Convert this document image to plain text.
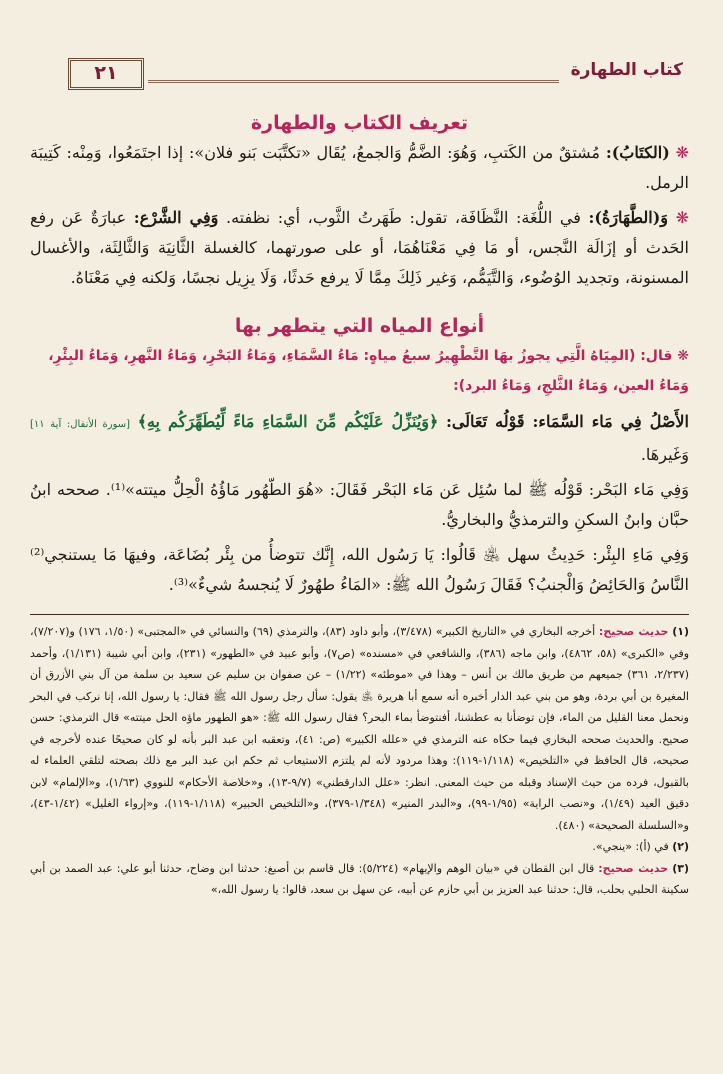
كتاب الطهارة
٢١
تعريف الكتاب والطهارة

❋ (الكتَابُ): مُشتقٌ من الكَتبِ، وَهُوَ: الضَّمُّ وَالجمعُ، يُقَال «تكتَّبَت بَنو فلان»: إذا اجتَمَعُوا، وَمِنْه: كَتِيبَة الرمل.

❋ وَ(الطَّهَارَةُ): في اللُّغَة: النَّظَافَة، تقول: طَهَرتُ الثَّوب، أي: نظفته. وَفِي الشَّرْع: عبارَةٌ عَن رفع الحَدث أو إزَالَة النَّجس، أو مَا فِي مَعْنَاهُمَا، أو على صورتهما، كالغسلة الثَّانِيَة وَالثَّالِثَة، والأغسال المسنونة، وتجديد الوُضُوء، وَالتَّيَمُّم، وَغير ذَلِكَ مِمَّا لَا يرفع حَدثًا، وَلَا يزِيل نجسًا، وَلكنه فِي مَعْنَاهُ.

أنواع المياه التي يتطهر بها

❋ قال: (المِيَاهُ الَّتِي يجوزُ بهَا التَّطْهِيرُ سبعُ مياهٍ: مَاءُ السَّمَاءِ، وَمَاءُ البَحْرِ، وَمَاءُ النَّهرِ، وَمَاءُ البِئْرِ، وَمَاءُ العين، وَمَاءُ الثَّلجِ، وَمَاءُ البرد):

الأَصْلُ فِي مَاء السَّمَاء: قَوْلُه تَعَالَى: ﴿وَيُنَزِّلُ عَلَيْكُم مِّنَ السَّمَاءِ مَاءً لِّيُطَهِّرَكُم بِهِ﴾ [سورة الأنفال: آية ١١] وَغَيرهَا.

وَفِي مَاء البَحْر: قَوْلُه ﷺ لما سُئِل عَن مَاء البَحْر فَقَالَ: «هُوَ الطّهُور مَاؤُهُ الْحِلُّ ميتته»⁽¹⁾. صححه ابنُ حبَّان وابنُ السكنِ والترمذيُّ والبخاريُّ.

وَفِي مَاءِ البِئْر: حَدِيثُ سهل ﵁ قَالُوا: يَا رَسُول الله، إِنَّك تتوضأُ من بِئْر بُضَاعَة، وفيهَا مَا يستنجي⁽²⁾ النَّاسُ وَالحَائِضُ وَالْجنبُ؟ فَقَالَ رَسُولُ الله ﷺ: «المَاءُ طهُورٌ لَا يُنجسهُ شيءٌ»⁽³⁾.

(١) حديث صحيح: أخرجه البخاري في «التاريخ الكبير» (٣/٤٧٨)، وأبو داود (٨٣)، والترمذي (٦٩) والنسائي في «المجتبى» (١/٥٠، ١٧٦) و(٧/٢٠٧)، وفي «الكبرى» (٥٨، ٤٨٦٢)، وابن ماجه (٣٨٦)، والشافعي في «مسنده» (ص٧)، وأبو عبيد في «الطهور» (٢٣١)، وابن أبي شيبة (١/١٣١)، وأحمد (٢/٢٣٧، ٣٦١) جميعهم من طريق مالك بن أنس – وهذا في «موطئه» (١/٢٢) – عن صفوان بن سليم عن سعيد بن سلمة من آل بني الأزرق أن المغيرة بن أبي بردة، وهو من بني عبد الدار أخبره أنه سمع أبا هريرة ﵁ يقول: سأل رجل رسول الله ﷺ فقال: يا رسول الله، إنا نركب في البحر ونحمل معنا القليل من الماء، فإن توضأنا به عطشنا، أفنتوضأ بماء البحر؟ فقال رسول الله ﷺ: «هو الطهور ماؤه الحل ميتته» قال الترمذي: حسن صحيح. والحديث صححه البخاري فيما حكاه عنه الترمذي في «علله الكبير» (ص: ٤١)، وتعقبه ابن عبد البر بأنه لو كان صحيحًا عنده لأخرجه في صحيحه، قال الحافظ في «التلخيص» (١/١١٨-١١٩): وهذا مردود لأنه لم يلتزم الاستيعاب ثم حكم ابن عبد البر مع ذلك بصحته لتلقي العلماء له بالقبول، فرده من حيث الإسناد وقبله من حيث المعنى. انظر: «علل الدارقطني» (٩/٧-١٣)، و«خلاصة الأحكام» للنووي (١/٦٣)، و«الإلمام» لابن دقيق العيد (١/٤٩)، و«نصب الراية» (١/٩٥-٩٩)، و«البدر المنير» (١/٣٤٨-٣٧٩)، و«التلخيص الحبير» (١/١١٨-١١٩)، و«إرواء الغليل» (١/٤٢-٤٣)، و«السلسلة الصحيحة» (٤٨٠).

(٢) في (أ): «ينجي».

(٣) حديث صحيح: قال ابن القطان في «بيان الوهم والإيهام» (٥/٢٢٤): قال قاسم بن أصبغ: حدثنا ابن وضاح، حدثنا أبو علي: عبد الصمد بن أبي سكينة الحلبي بحلب، قال: حدثنا عبد العزيز بن أبي حازم عن أبيه، عن سهل بن سعد، قالوا: يا رسول الله،»
